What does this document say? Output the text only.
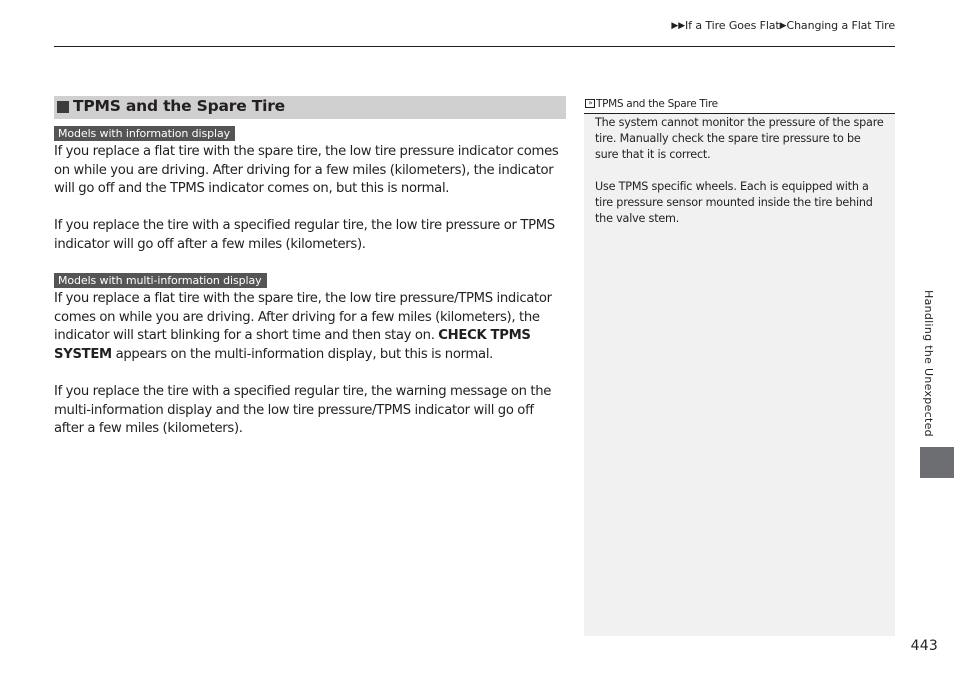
▶▶If a Tire Goes Flat▶Changing a Flat Tire
TPMS and the Spare Tire
Models with information display

If you replace a flat tire with the spare tire, the low tire pressure indicator comes on while you are driving. After driving for a few miles (kilometers), the indicator will go off and the TPMS indicator comes on, but this is normal.

If you replace the tire with a specified regular tire, the low tire pressure or TPMS indicator will go off after a few miles (kilometers).

Models with multi-information display

If you replace a flat tire with the spare tire, the low tire pressure/TPMS indicator comes on while you are driving. After driving for a few miles (kilometers), the indicator will start blinking for a short time and then stay on. CHECK TPMS SYSTEM appears on the multi-information display, but this is normal.

If you replace the tire with a specified regular tire, the warning message on the multi-information display and the low tire pressure/TPMS indicator will go off after a few miles (kilometers).

» TPMS and the Spare Tire

The system cannot monitor the pressure of the spare tire. Manually check the spare tire pressure to be sure that it is correct.

Use TPMS specific wheels. Each is equipped with a tire pressure sensor mounted inside the tire behind the valve stem.

Handling the Unexpected
443
